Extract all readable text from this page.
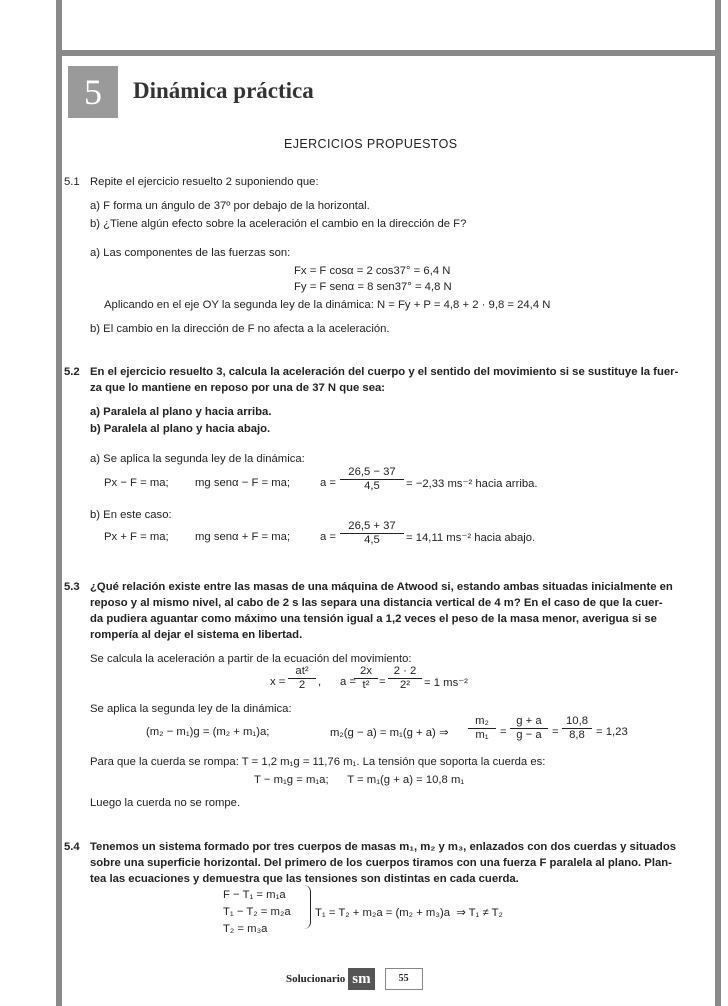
5	Dinámica práctica
EJERCICIOS PROPUESTOS
5.1 Repite el ejercicio resuelto 2 suponiendo que:
a) F forma un ángulo de 37º por debajo de la horizontal.
b) ¿Tiene algún efecto sobre la aceleración el cambio en la dirección de F?
a) Las componentes de las fuerzas son:
Fx = F cosα = 2 cos37° = 6,4 N
Fy = F senα = 8 sen37° = 4,8 N
Aplicando en el eje OY la segunda ley de la dinámica: N = Fy + P = 4,8 + 2 · 9,8 = 24,4 N
b) El cambio en la dirección de F no afecta a la aceleración.
5.2 En el ejercicio resuelto 3, calcula la aceleración del cuerpo y el sentido del movimiento si se sustituye la fuer-
za que lo mantiene en reposo por una de 37 N que sea:
a) Paralela al plano y hacia arriba.
b) Paralela al plano y hacia abajo.
a) Se aplica la segunda ley de la dinámica:
Px − F = ma; mg senα − F = ma;	$a = \frac{26,5 - 37}{4,5} = -2,33$ ms⁻² hacia arriba.
b) En este caso:
Px + F = ma; mg senα + F = ma;	$a = \frac{26,5 + 37}{4,5} = 14,11$ ms⁻² hacia abajo.
5.3 ¿Qué relación existe entre las masas de una máquina de Atwood si, estando ambas situadas inicialmente en
reposo y al mismo nivel, al cabo de 2 s las separa una distancia vertical de 4 m? En el caso de que la cuer-
da pudiera aguantar como máximo una tensión igual a 1,2 veces el peso de la masa menor, averigua si se
rompería al dejar el sistema en libertad.
Se calcula la aceleración a partir de la ecuación del movimiento:
$x = \frac{\text{at²}}{2}$ ,      a =
$\frac{2x}{\text{t²}} = \frac{2 \cdot 2}{\text{2²}} = 1$ ms⁻²
Se aplica la segunda ley de la dinámica:
(m₂ − m₁)g = (m₂ + m₁)a;	m₂(g − a) = m₁(g + a) ⇒ $\frac{\text{m₂}}{\text{m₁}} = \frac{g + a}{g - a} = \frac{10,8}{8,8} = 1,23$
Para que la cuerda se rompa: T = 1,2 m₁g = 11,76 m₁. La tensión que soporta la cuerda es:
T − m₁g = m₁a;      T = m₁(g + a) = 10,8 m₁
Luego la cuerda no se rompe.
5.4 Tenemos un sistema formado por tres cuerpos de masas m₁, m₂ y m₃, enlazados con dos cuerdas y situados
sobre una superficie horizontal. Del primero de los cuerpos tiramos con una fuerza F paralela al plano. Plan-
tea las ecuaciones y demuestra que las tensiones son distintas en cada cuerda.
F − T₁ = m₁a
T₁ − T₂ = m₂a
T₂ = m₃a
T₁ = T₂ + m₂a = (m₂ + m₃)a  ⇒ T₁ ≠ T₂
Solucionario sm	55
